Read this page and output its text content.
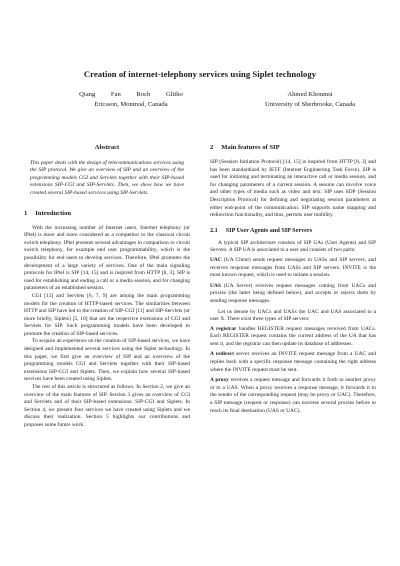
Creation of internet-telephony services using Siplet technology
Qiang Fan Roch Glitho
Ericsson, Montreal, Canada
Ahmed Khoumsi
University of Sherbrooke, Canada
Abstract

This paper deals with the design of telecommunications services using the SIP protocol. We give an overview of SIP and an overview of the programming models CGI and Servlets together with their SIP-based extensions SIP-CGI and SIP-Servlets. Then, we show how we have created several SIP-based services using SIP-Servlets.

1 Introduction

With the increasing number of Internet users, Internet telephony (or IPtel) is more and more considered as a competitor to the classical circuit switch telephony. IPtel presents several advantages in comparison to circuit switch telephony, for example end user programmability, which is the possibility for end users to develop services. Therefore, IPtel promotes the development of a large variety of services. One of the main signaling protocols for IPtel is SIP [14, 15] and is inspired from HTTP [8, 3]. SIP is used for establishing and ending a call or a media session, and for changing parameters of an established session.

CGI [13] and Servlets [6, 7, 9] are among the main programming models for the creation of HTTP-based services. The similarities between HTTP and SIP have led to the creation of SIP-CGI [11] and SIP-Servlets (or more briefly, Siplets) [5, 10] that are the respective extensions of CGI and Servlets for SIP. Such programming models have been developed to promote the creation of SIP-based services.

To acquire an experience on the creation of SIP-based services, we have designed and implemented several services using the Siplet technology. In this paper, we first give an overview of SIP and an overview of the programming models CGI and Servlets together with their SIP-based extensions SIP-CGI and Siplets. Then, we explain how several SIP-based services have been created using Siplets.

The rest of this article is structured as follows. In Section 2, we give an overview of the main features of SIP. Section 3 gives an overview of CGI and Servlets and of their SIP-based extensions: SIP-CGI and Siplets. In Section 4, we present four services we have created using Siplets and we discuss their realization. Section 5 highlights our contributions and proposes some future work.

2 Main features of SIP

SIP (Session Initiation Protocol) [14, 15] is inspired from HTTP [8, 3] and has been standardized by IETF (Internet Engineering Task Force). SIP is used for initiating and terminating an interactive call or media session, and for changing parameters of a current session. A session can involve voice and other types of media such as video and text. SIP uses SDP (Session Description Protocol) for defining and negotiating session parameters at either end-point of the communication. SIP supports name mapping and redirection functionality, and thus, permits user mobility.

2.1 SIP User Agents and SIP Servers

A typical SIP architecture consists of SIP UAs (User Agents) and SIP Servers. A SIP UA is associated to a user and consists of two parts:

UAC (UA Client) sends request messages to UASs and SIP servers, and receives response messages from UASs and SIP servers. INVITE is the most known request, which is used to initiate a session.
UAS (UA Server) receives request messages coming from UACs and proxies (the latter being defined below), and accepts or rejects them by sending response messages.

Let us denote by UACx and UASx the UAC and UAS associated to a user X. There exist three types of SIP servers:

A registrar handles REGISTER request messages received from UACs. Each REGISTER request contains the current address of the UA that has sent it, and the registrar can then update its database of addresses.
A redirect server receives an INVITE request message from a UAC and replies back with a specific response message containing the right address where the INVITE request must be sent.
A proxy receives a request message and forwards it forth to another proxy or to a UAS. When a proxy receives a response message, it forwards it to the sender of the corresponding request (may be proxy or UAC). Therefore, a SIP message (request or response) can traverse several proxies before to reach its final destination (UAS or UAC).
